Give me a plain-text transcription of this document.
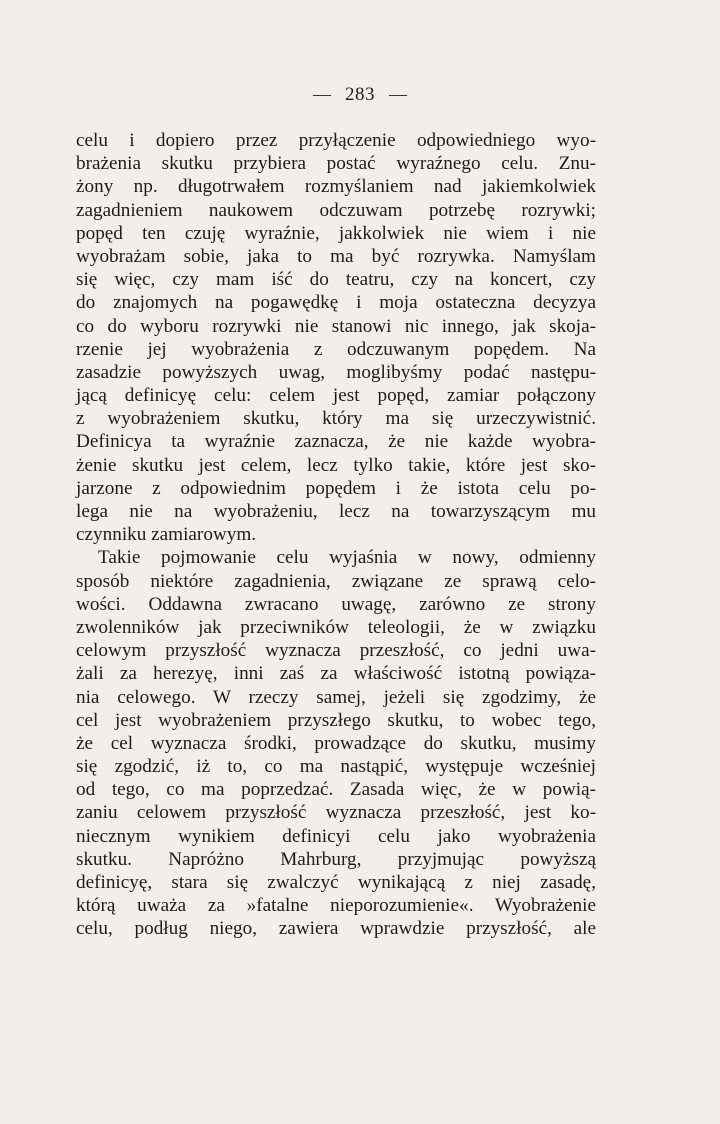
283
celu i dopiero przez przyłączenie odpowiedniego wyo-
brażenia skutku przybiera postać wyraźnego celu. Znu-
żony np. długotrwałem rozmyślaniem nad jakiemkolwiek
zagadnieniem naukowem odczuwam potrzebę rozrywki;
popęd ten czuję wyraźnie, jakkolwiek nie wiem i nie
wyobrażam sobie, jaka to ma być rozrywka. Namyślam
się więc, czy mam iść do teatru, czy na koncert, czy
do znajomych na pogawędkę i moja ostateczna decyzya
co do wyboru rozrywki nie stanowi nic innego, jak skoja-
rzenie jej wyobrażenia z odczuwanym popędem. Na
zasadzie powyższych uwag, moglibyśmy podać następu-
jącą definicyę celu: celem jest popęd, zamiar połączony
z wyobrażeniem skutku, który ma się urzeczywistnić.
Definicya ta wyraźnie zaznacza, że nie każde wyobra-
żenie skutku jest celem, lecz tylko takie, które jest sko-
jarzone z odpowiednim popędem i że istota celu po-
lega nie na wyobrażeniu, lecz na towarzyszącym mu
czynniku zamiarowym.
Takie pojmowanie celu wyjaśnia w nowy, odmienny
sposób niektóre zagadnienia, związane ze sprawą celo-
wości. Oddawna zwracano uwagę, zarówno ze strony
zwolenników jak przeciwników teleologii, że w związku
celowym przyszłość wyznacza przeszłość, co jedni uwa-
żali za herezyę, inni zaś za właściwość istotną powiąza-
nia celowego. W rzeczy samej, jeżeli się zgodzimy, że
cel jest wyobrażeniem przyszłego skutku, to wobec tego,
że cel wyznacza środki, prowadzące do skutku, musimy
się zgodzić, iż to, co ma nastąpić, występuje wcześniej
od tego, co ma poprzedzać. Zasada więc, że w powią-
zaniu celowem przyszłość wyznacza przeszłość, jest ko-
niecznym wynikiem definicyi celu jako wyobrażenia
skutku. Napróżno Mahrburg, przyjmując powyższą
definicyę, stara się zwalczyć wynikającą z niej zasadę,
którą uważa za »fatalne nieporozumienie«. Wyobrażenie
celu, podług niego, zawiera wprawdzie przyszłość, ale
